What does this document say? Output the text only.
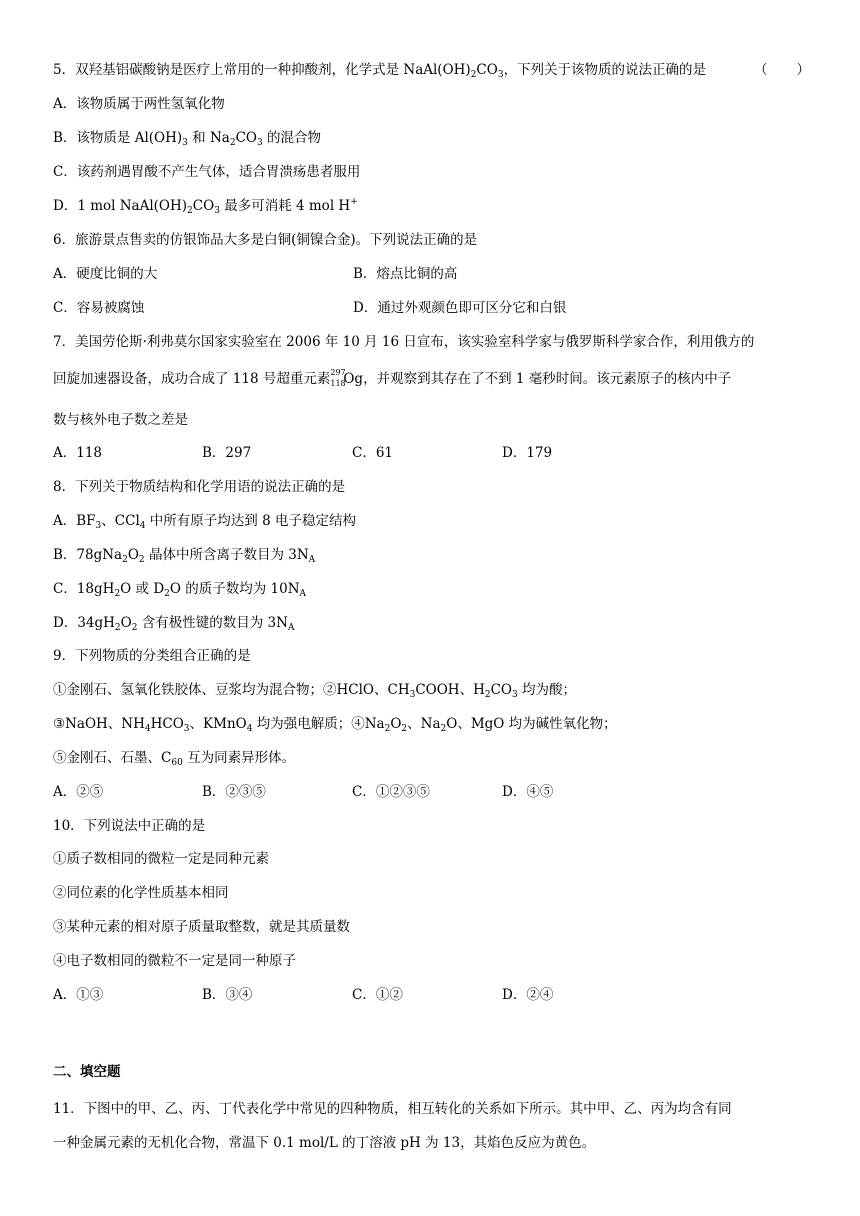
5．双羟基铝碳酸钠是医疗上常用的一种抑酸剂，化学式是 $NaAl(OH)_2CO_3$，下列关于该物质的说法正确的是	（ ）
A．该物质属于两性氢氧化物
B．该物质是 $Al(OH)_3$ 和 $Na_2CO_3$ 的混合物
C．该药剂遇胃酸不产生气体，适合胃溃疡患者服用
D．1 mol $NaAl(OH)_2CO_3$ 最多可消耗 4 mol H+
6．旅游景点售卖的仿银饰品大多是白铜(铜镍合金)。下列说法正确的是
A．硬度比铜的大	B．熔点比铜的高
C．容易被腐蚀	D．通过外观颜色即可区分它和白银
7．美国劳伦斯·利弗莫尔国家实验室在 2006 年 10 月 16 日宣布，该实验室科学家与俄罗斯科学家合作，利用俄方的
回旋加速器设备，成功合成了 118 号超重元素 297
118
Og，并观察到其存在了不到 1 毫秒时间。该元素原子的核内中子
数与核外电子数之差是
A．118	B．297	C．61	D．179
8．下列关于物质结构和化学用语的说法正确的是
A．$BF_3$、CCl$_4$ 中所有原子均达到 8 电子稳定结构
B．$78gNa_2O_2$ 晶体中所含离子数目为 $3N_A$
C．$18gH_2O$ 或 $D_2O$ 的质子数均为 $10N_A$
D．$34gH_2O_2$ 含有极性键的数目为 $3N_A$
9．下列物质的分类组合正确的是
①金刚石、氢氧化铁胶体、豆浆均为混合物；②HClO、$CH_3COOH$、$H_2CO_3$ 均为酸；
③NaOH、$NH_4HCO_3$、KMnO$_4$ 均为强电解质；$④Na_2O_2$、$Na_2O$、MgO 均为碱性氧化物；
⑤金刚石、石墨、$C_{60}$ 互为同素异形体。
A．②⑤	B．②③⑤	C．①②③⑤	D．④⑤
10．下列说法中正确的是
①质子数相同的微粒一定是同种元素
②同位素的化学性质基本相同
③某种元素的相对原子质量取整数，就是其质量数
④电子数相同的微粒不一定是同一种原子
A．①③	B．③④	C．①②	D．②④
二、填空题
11．下图中的甲、乙、丙、丁代表化学中常见的四种物质，相互转化的关系如下所示。其中甲、乙、丙为均含有同
一种金属元素的无机化合物，常温下 0.1 mol/L 的丁溶液 pH 为 13，其焰色反应为黄色。
